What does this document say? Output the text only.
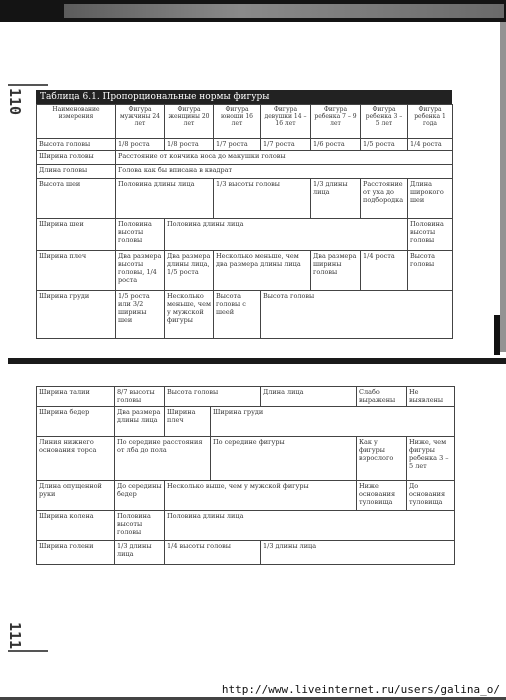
110	Таблица 6.1. Пропорциональные нормы фигуры
Наименование измерения	Фигура мужчины 24 лет	Фигура женщины 20 лет	Фигура юноши 16 лет	Фигура девушки 14 – 16 лет	Фигура ребенка 7 – 9 лет	Фигура ребенка 3 – 5 лет	Фигура ребенка 1 года
Высота головы	1/8 роста	1/8 роста	1/7 роста	1/7 роста	1/6 роста	1/5 роста	1/4 роста
Ширина головы	Расстояние от кончика носа до макушки головы						
Длина головы	Голова как бы вписана в квадрат						
Высота шеи	Половина длины лица		1/3 высоты головы		1/3 длины лица	Расстояние от уха до подбородка	Длина широкого шеи
Ширина шеи	Половина высоты головы	Половина длины лица					Половина высоты головы
Ширина плеч	Два размера высоты головы, 1/4 роста	Два размера длины лица, 1/5 роста	Несколько меньше, чем два размера длины лица		Два размера ширины головы	1/4 роста	Высота головы
Ширина груди	1/5 роста или 3/2 ширины шеи	Несколько меньше, чем у мужской фигуры	Высота головы с шеей	Высота головы			
Ширина талии	8/7 высоты головы	Высота головы		Длина лица	Слабо выражены	Не выявлены
Ширина бедер	Два размера длины лица	Ширина плеч	Ширина груди			
Линия нижнего основания торса	По середине расстояния от лба до пола		По середине фигуры		Как у фигуры взрослого	Ниже, чем фигуры ребенка 3 – 5 лет
Длина опущенной руки	До середины бедер	Несколько выше, чем у мужской фигуры			Ниже основания туловища	До основания туловища
Ширина колена	Половина высоты головы	Половина длины лица				
Ширина голени	1/3 длины лица	1/4 высоты головы		1/3 длины лица		
111
http://www.liveinternet.ru/users/galina_o/
